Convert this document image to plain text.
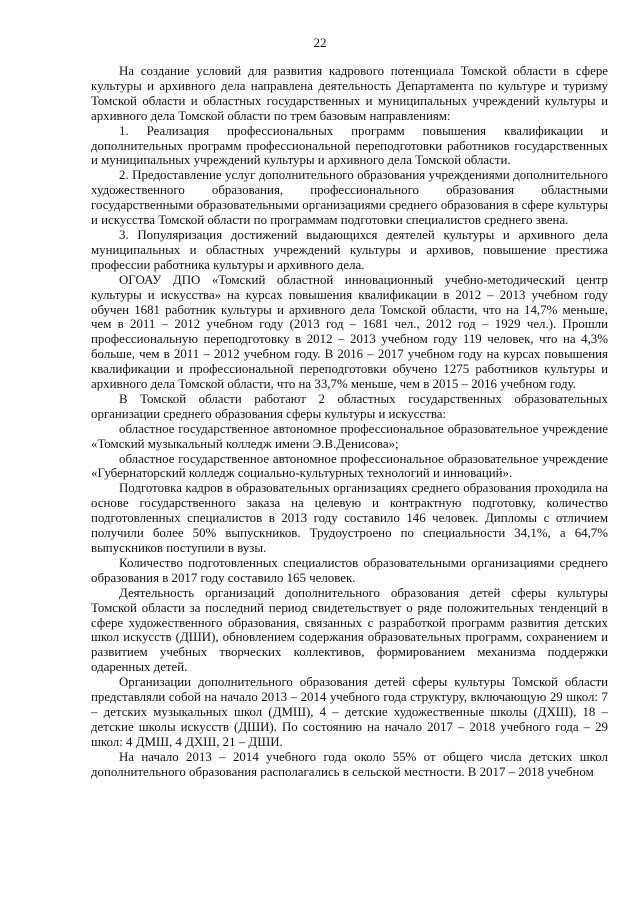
22

На создание условий для развития кадрового потенциала Томской области в сфере культуры и архивного дела направлена деятельность Департамента по культуре и туризму Томской области и областных государственных и муниципальных учреждений культуры и архивного дела Томской области по трем базовым направлениям:

1. Реализация профессиональных программ повышения квалификации и дополнительных программ профессиональной переподготовки работников государственных и муниципальных учреждений культуры и архивного дела Томской области.

2. Предоставление услуг дополнительного образования учреждениями дополнительного художественного образования, профессионального образования областными государственными образовательными организациями среднего образования в сфере культуры и искусства Томской области по программам подготовки специалистов среднего звена.

3. Популяризация достижений выдающихся деятелей культуры и архивного дела муниципальных и областных учреждений культуры и архивов, повышение престижа профессии работника культуры и архивного дела.

ОГОАУ ДПО «Томский областной инновационный учебно-методический центр культуры и искусства» на курсах повышения квалификации в 2012 – 2013 учебном году обучен 1681 работник культуры и архивного дела Томской области, что на 14,7% меньше, чем в 2011 – 2012 учебном году (2013 год – 1681 чел., 2012 год – 1929 чел.). Прошли профессиональную переподготовку в 2012 – 2013 учебном году 119 человек, что на 4,3% больше, чем в 2011 – 2012 учебном году. В 2016 – 2017 учебном году на курсах повышения квалификации и профессиональной переподготовки обучено 1275 работников культуры и архивного дела Томской области, что на 33,7% меньше, чем в 2015 – 2016 учебном году.

В Томской области работают 2 областных государственных образовательных организации среднего образования сферы культуры и искусства:

областное государственное автономное профессиональное образовательное учреждение «Томский музыкальный колледж имени Э.В.Денисова»;

областное государственное автономное профессиональное образовательное учреждение «Губернаторский колледж социально-культурных технологий и инноваций».

Подготовка кадров в образовательных организациях среднего образования проходила на основе государственного заказа на целевую и контрактную подготовку, количество подготовленных специалистов в 2013 году составило 146 человек. Дипломы с отличием получили более 50% выпускников. Трудоустроено по специальности 34,1%, а 64,7% выпускников поступили в вузы.

Количество подготовленных специалистов образовательными организациями среднего образования в 2017 году составило 165 человек.

Деятельность организаций дополнительного образования детей сферы культуры Томской области за последний период свидетельствует о ряде положительных тенденций в сфере художественного образования, связанных с разработкой программ развития детских школ искусств (ДШИ), обновлением содержания образовательных программ, сохранением и развитием учебных творческих коллективов, формированием механизма поддержки одаренных детей.

Организации дополнительного образования детей сферы культуры Томской области представляли собой на начало 2013 – 2014 учебного года структуру, включающую 29 школ: 7 – детских музыкальных школ (ДМШ), 4 – детские художественные школы (ДХШ), 18 – детские школы искусств (ДШИ). По состоянию на начало 2017 – 2018 учебного года – 29 школ: 4 ДМШ, 4 ДХШ, 21 – ДШИ.

На начало 2013 – 2014 учебного года около 55% от общего числа детских школ дополнительного образования располагались в сельской местности. В 2017 – 2018 учебном
